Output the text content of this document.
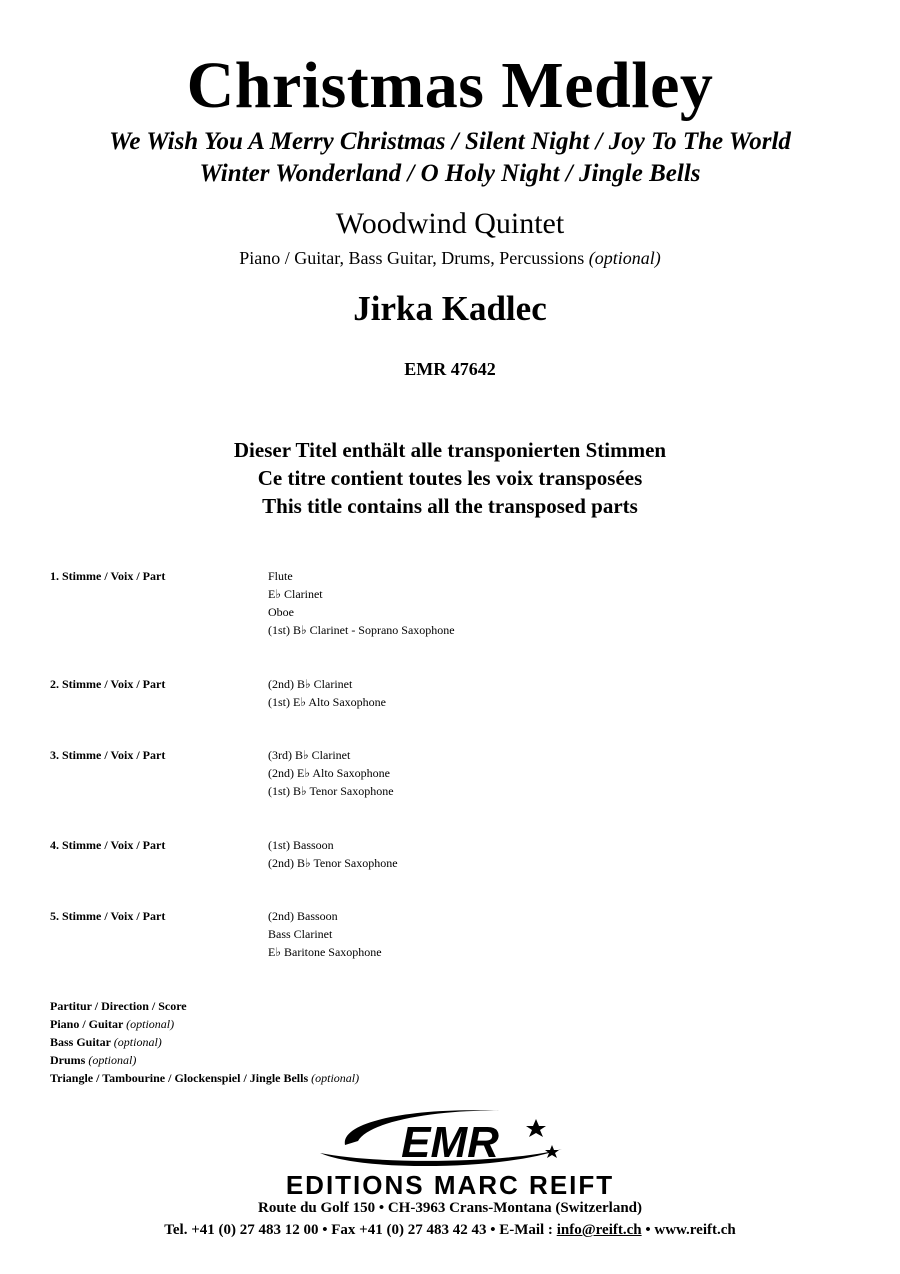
Christmas Medley
We Wish You A Merry Christmas / Silent Night / Joy To The World
Winter Wonderland / O Holy Night / Jingle Bells
Woodwind Quintet
Piano / Guitar, Bass Guitar, Drums, Percussions (optional)
Jirka Kadlec
EMR 47642
Dieser Titel enthält alle transponierten Stimmen
Ce titre contient toutes les voix transposées
This title contains all the transposed parts
1. Stimme / Voix / Part	Flute
E♭ Clarinet
Oboe
(1st) B♭ Clarinet - Soprano Saxophone
2. Stimme / Voix / Part	(2nd) B♭ Clarinet
(1st) E♭ Alto Saxophone
3. Stimme / Voix / Part	(3rd) B♭ Clarinet
(2nd) E♭ Alto Saxophone
(1st) B♭ Tenor Saxophone
4. Stimme / Voix / Part	(1st) Bassoon
(2nd) B♭ Tenor Saxophone
5. Stimme / Voix / Part	(2nd) Bassoon
Bass Clarinet
E♭ Baritone Saxophone
Partitur / Direction / Score
Piano / Guitar (optional)
Bass Guitar (optional)
Drums (optional)
Triangle / Tambourine / Glockenspiel / Jingle Bells (optional)
EMR
EDITIONS MARC REIFT
Route du Golf 150 • CH-3963 Crans-Montana (Switzerland)
Tel. +41 (0) 27 483 12 00 • Fax +41 (0) 27 483 42 43 • E-Mail : info@reift.ch • www.reift.ch
